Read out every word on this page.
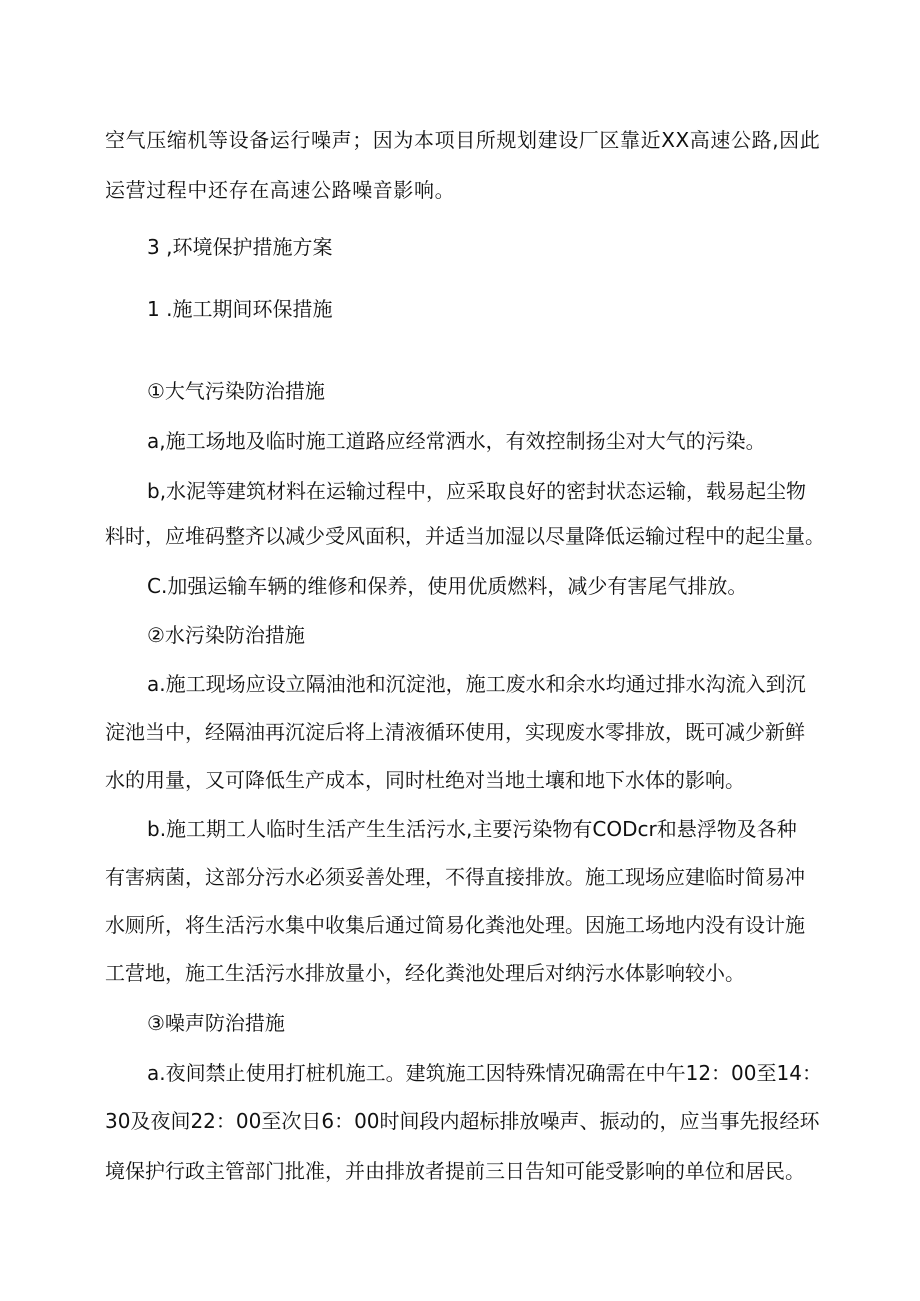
空气压缩机等设备运行噪声；因为本项目所规划建设厂区靠近XX高速公路,因此
运营过程中还存在高速公路噪音影响。
3 ,环境保护措施方案
1 .施工期间环保措施
①大气污染防治措施
a,施工场地及临时施工道路应经常洒水，有效控制扬尘对大气的污染。
b,水泥等建筑材料在运输过程中，应采取良好的密封状态运输，载易起尘物
料时，应堆码整齐以减少受风面积，并适当加湿以尽量降低运输过程中的起尘量。
C.加强运输车辆的维修和保养，使用优质燃料，减少有害尾气排放。
②水污染防治措施
a.施工现场应设立隔油池和沉淀池，施工废水和余水均通过排水沟流入到沉
淀池当中，经隔油再沉淀后将上清液循环使用，实现废水零排放，既可减少新鲜
水的用量，又可降低生产成本，同时杜绝对当地土壤和地下水体的影响。
b.施工期工人临时生活产生生活污水,主要污染物有CODcr和悬浮物及各种
有害病菌，这部分污水必须妥善处理，不得直接排放。施工现场应建临时简易冲
水厕所，将生活污水集中收集后通过简易化粪池处理。因施工场地内没有设计施
工营地，施工生活污水排放量小，经化粪池处理后对纳污水体影响较小。
③噪声防治措施
a.夜间禁止使用打桩机施工。建筑施工因特殊情况确需在中午12：00至14：
30及夜间22：00至次日6：00时间段内超标排放噪声、振动的，应当事先报经环
境保护行政主管部门批准，并由排放者提前三日告知可能受影响的单位和居民。
